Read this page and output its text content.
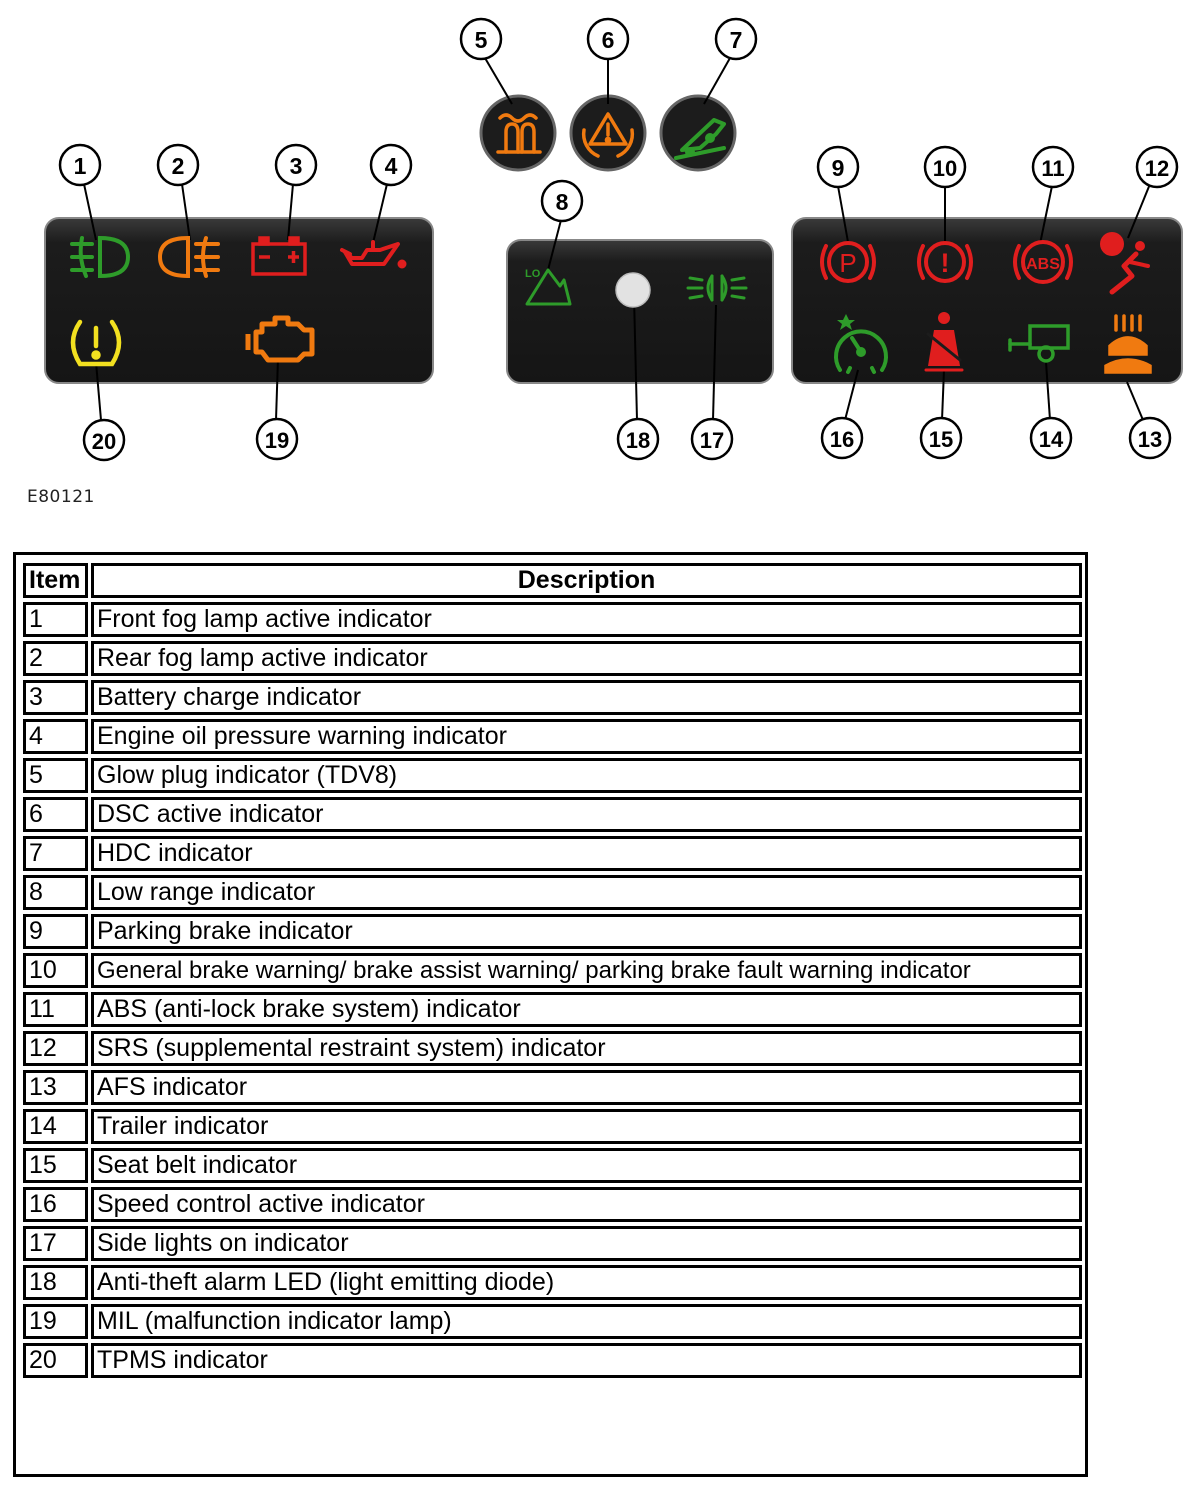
1	2	3	4
5	6	7
8
9	10	11	12
13
14
15
16
17
18
19
20
LO	P	!	ABS
E80121
Item	Description
1	Front fog lamp active indicator
2	Rear fog lamp active indicator
3	Battery charge indicator
4	Engine oil pressure warning indicator
5	Glow plug indicator (TDV8)
6	DSC active indicator
7	HDC indicator
8	Low range indicator
9	Parking brake indicator
10	General brake warning/ brake assist warning/ parking brake fault warning indicator
11	ABS (anti-lock brake system) indicator
12	SRS (supplemental restraint system) indicator
13	AFS indicator
14	Trailer indicator
15	Seat belt indicator
16	Speed control active indicator
17	Side lights on indicator
18	Anti-theft alarm LED (light emitting diode)
19	MIL (malfunction indicator lamp)
20	TPMS indicator
